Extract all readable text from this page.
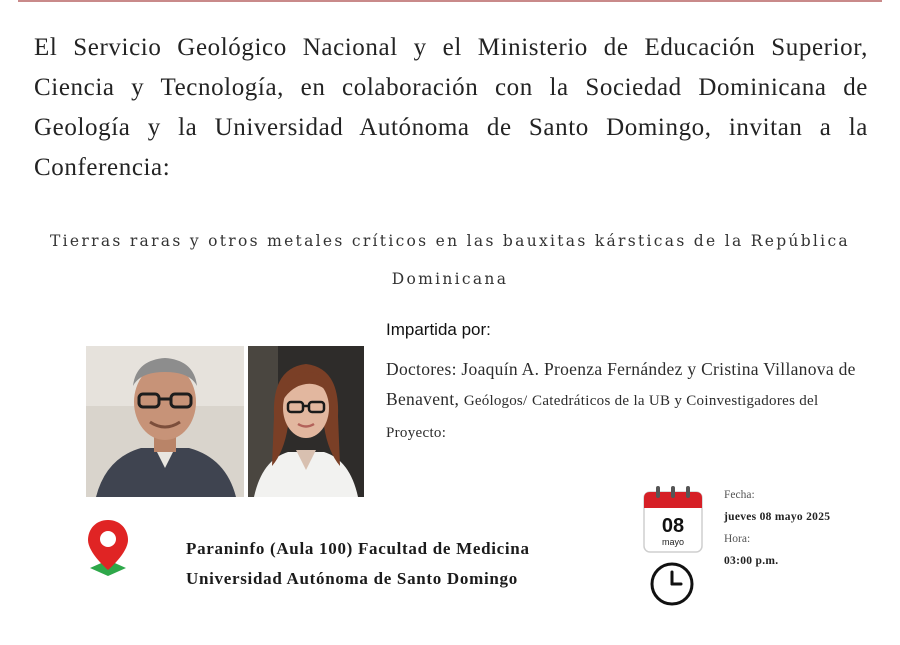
El Servicio Geológico Nacional y el Ministerio de Educación Superior, Ciencia y Tecnología, en colaboración con la Sociedad Dominicana de Geología y la Universidad Autónoma de Santo Domingo, invitan a la Conferencia:
Tierras raras y otros metales críticos en las bauxitas kársticas de la República Dominicana
Impartida por:
Doctores: Joaquín A. Proenza Fernández y Cristina Villanova de Benavent, Geólogos/ Catedráticos de la UB y Coinvestigadores del Proyecto:
Paraninfo (Aula 100) Facultad de Medicina
Universidad Autónoma de Santo Domingo
08
mayo
Fecha:
jueves 08 mayo 2025
Hora:
03:00 p.m.
